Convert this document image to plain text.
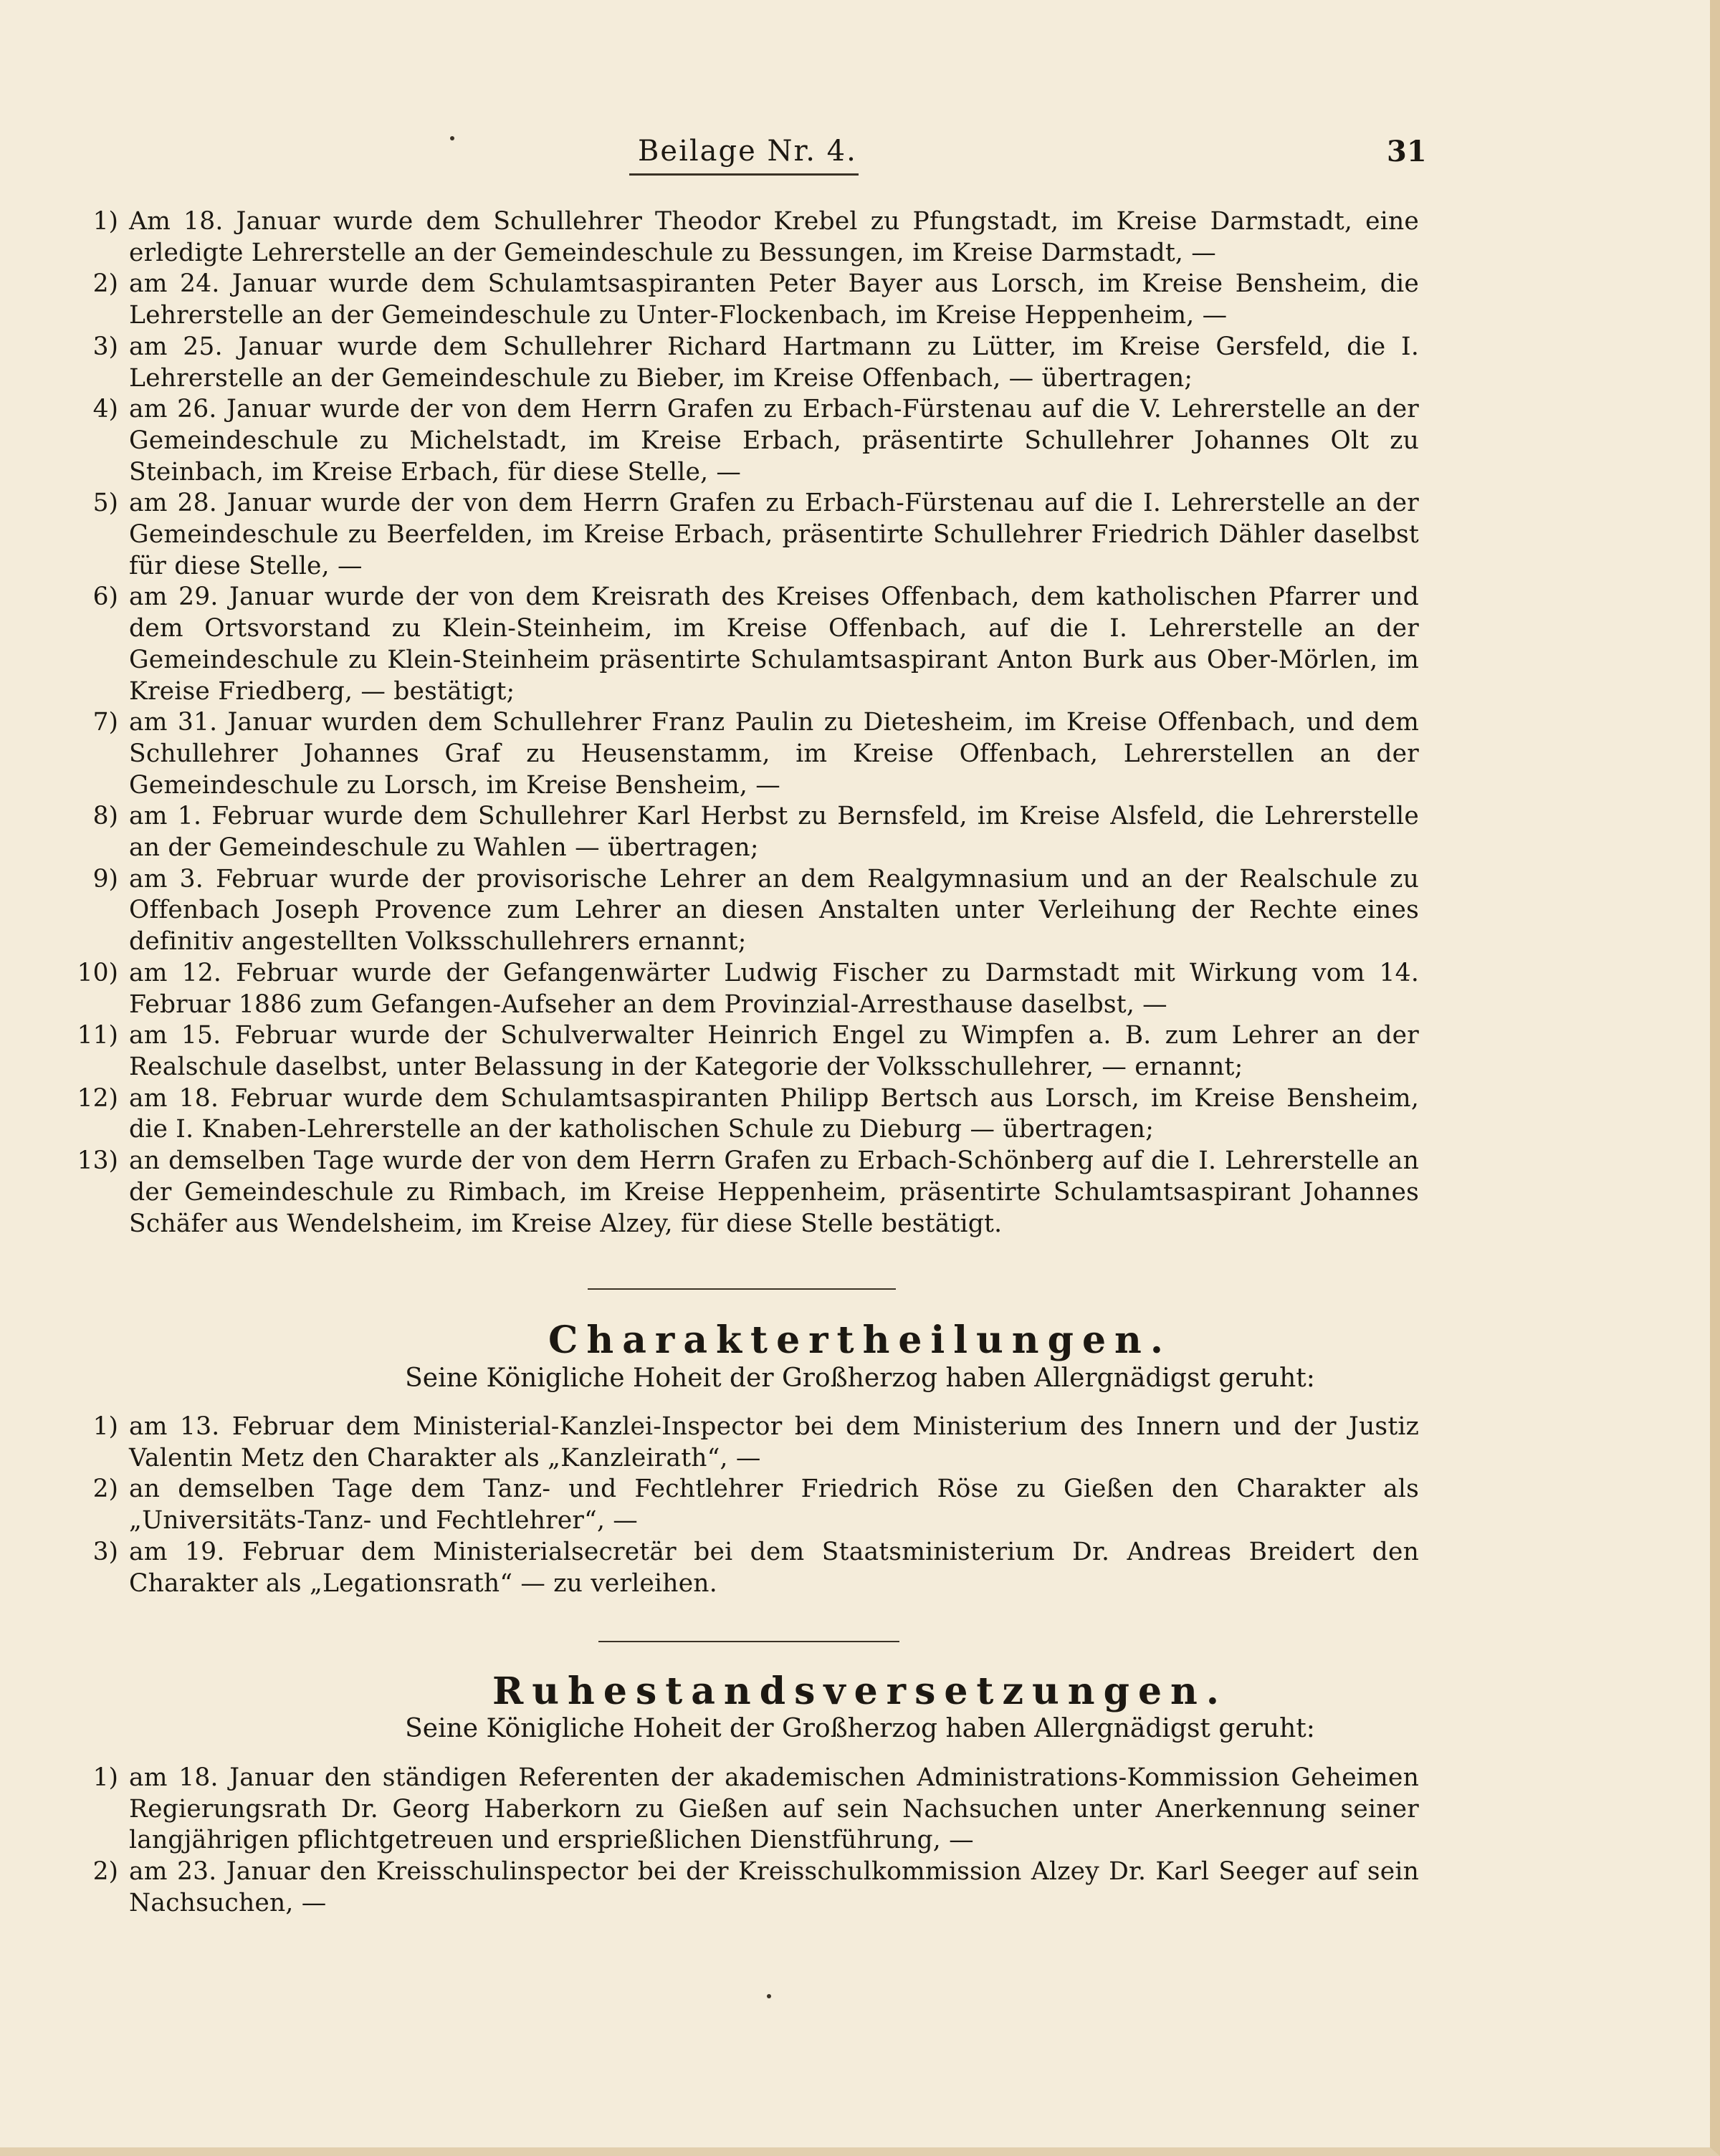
Beilage Nr. 4.	31
1) Am 18. Januar wurde dem Schullehrer Theodor Krebel zu Pfungstadt, im Kreise Darmstadt, eine erledigte Lehrerstelle an der Gemeindeschule zu Bessungen, im Kreise Darmstadt, —
2) am 24. Januar wurde dem Schulamtsaspiranten Peter Bayer aus Lorsch, im Kreise Bensheim, die Lehrerstelle an der Gemeindeschule zu Unter-Flockenbach, im Kreise Heppenheim, —
3) am 25. Januar wurde dem Schullehrer Richard Hartmann zu Lütter, im Kreise Gersfeld, die I. Lehrerstelle an der Gemeindeschule zu Bieber, im Kreise Offenbach, — übertragen;
4) am 26. Januar wurde der von dem Herrn Grafen zu Erbach-Fürstenau auf die V. Lehrerstelle an der Gemeindeschule zu Michelstadt, im Kreise Erbach, präsentirte Schullehrer Johannes Olt zu Steinbach, im Kreise Erbach, für diese Stelle, —
5) am 28. Januar wurde der von dem Herrn Grafen zu Erbach-Fürstenau auf die I. Lehrerstelle an der Gemeindeschule zu Beerfelden, im Kreise Erbach, präsentirte Schullehrer Friedrich Dähler daselbst für diese Stelle, —
6) am 29. Januar wurde der von dem Kreisrath des Kreises Offenbach, dem katholischen Pfarrer und dem Ortsvorstand zu Klein-Steinheim, im Kreise Offenbach, auf die I. Lehrerstelle an der Gemeindeschule zu Klein-Steinheim präsentirte Schulamtsaspirant Anton Burk aus Ober-Mörlen, im Kreise Friedberg, — bestätigt;
7) am 31. Januar wurden dem Schullehrer Franz Paulin zu Dietesheim, im Kreise Offenbach, und dem Schullehrer Johannes Graf zu Heusenstamm, im Kreise Offenbach, Lehrerstellen an der Gemeindeschule zu Lorsch, im Kreise Bensheim, —
8) am 1. Februar wurde dem Schullehrer Karl Herbst zu Bernsfeld, im Kreise Alsfeld, die Lehrerstelle an der Gemeindeschule zu Wahlen — übertragen;
9) am 3. Februar wurde der provisorische Lehrer an dem Realgymnasium und an der Realschule zu Offenbach Joseph Provence zum Lehrer an diesen Anstalten unter Verleihung der Rechte eines definitiv angestellten Volksschullehrers ernannt;
10) am 12. Februar wurde der Gefangenwärter Ludwig Fischer zu Darmstadt mit Wirkung vom 14. Februar 1886 zum Gefangen-Aufseher an dem Provinzial-Arresthause daselbst, —
11) am 15. Februar wurde der Schulverwalter Heinrich Engel zu Wimpfen a. B. zum Lehrer an der Realschule daselbst, unter Belassung in der Kategorie der Volksschullehrer, — ernannt;
12) am 18. Februar wurde dem Schulamtsaspiranten Philipp Bertsch aus Lorsch, im Kreise Bensheim, die I. Knaben-Lehrerstelle an der katholischen Schule zu Dieburg — übertragen;
13) an demselben Tage wurde der von dem Herrn Grafen zu Erbach-Schönberg auf die I. Lehrerstelle an der Gemeindeschule zu Rimbach, im Kreise Heppenheim, präsentirte Schulamtsaspirant Johannes Schäfer aus Wendelsheim, im Kreise Alzey, für diese Stelle bestätigt.
Charaktertheilungen.
Seine Königliche Hoheit der Großherzog haben Allergnädigst geruht:
1) am 13. Februar dem Ministerial-Kanzlei-Inspector bei dem Ministerium des Innern und der Justiz Valentin Metz den Charakter als „Kanzleirath“, —
2) an demselben Tage dem Tanz- und Fechtlehrer Friedrich Röse zu Gießen den Charakter als „Universitäts-Tanz- und Fechtlehrer“, —
3) am 19. Februar dem Ministerialsecretär bei dem Staatsministerium Dr. Andreas Breidert den Charakter als „Legationsrath“ — zu verleihen.
Ruhestandsversetzungen.
Seine Königliche Hoheit der Großherzog haben Allergnädigst geruht:
1) am 18. Januar den ständigen Referenten der akademischen Administrations-Kommission Geheimen Regierungsrath Dr. Georg Haberkorn zu Gießen auf sein Nachsuchen unter Anerkennung seiner langjährigen pflichtgetreuen und ersprießlichen Dienstführung, —
2) am 23. Januar den Kreisschulinspector bei der Kreisschulkommission Alzey Dr. Karl Seeger auf sein Nachsuchen, —
